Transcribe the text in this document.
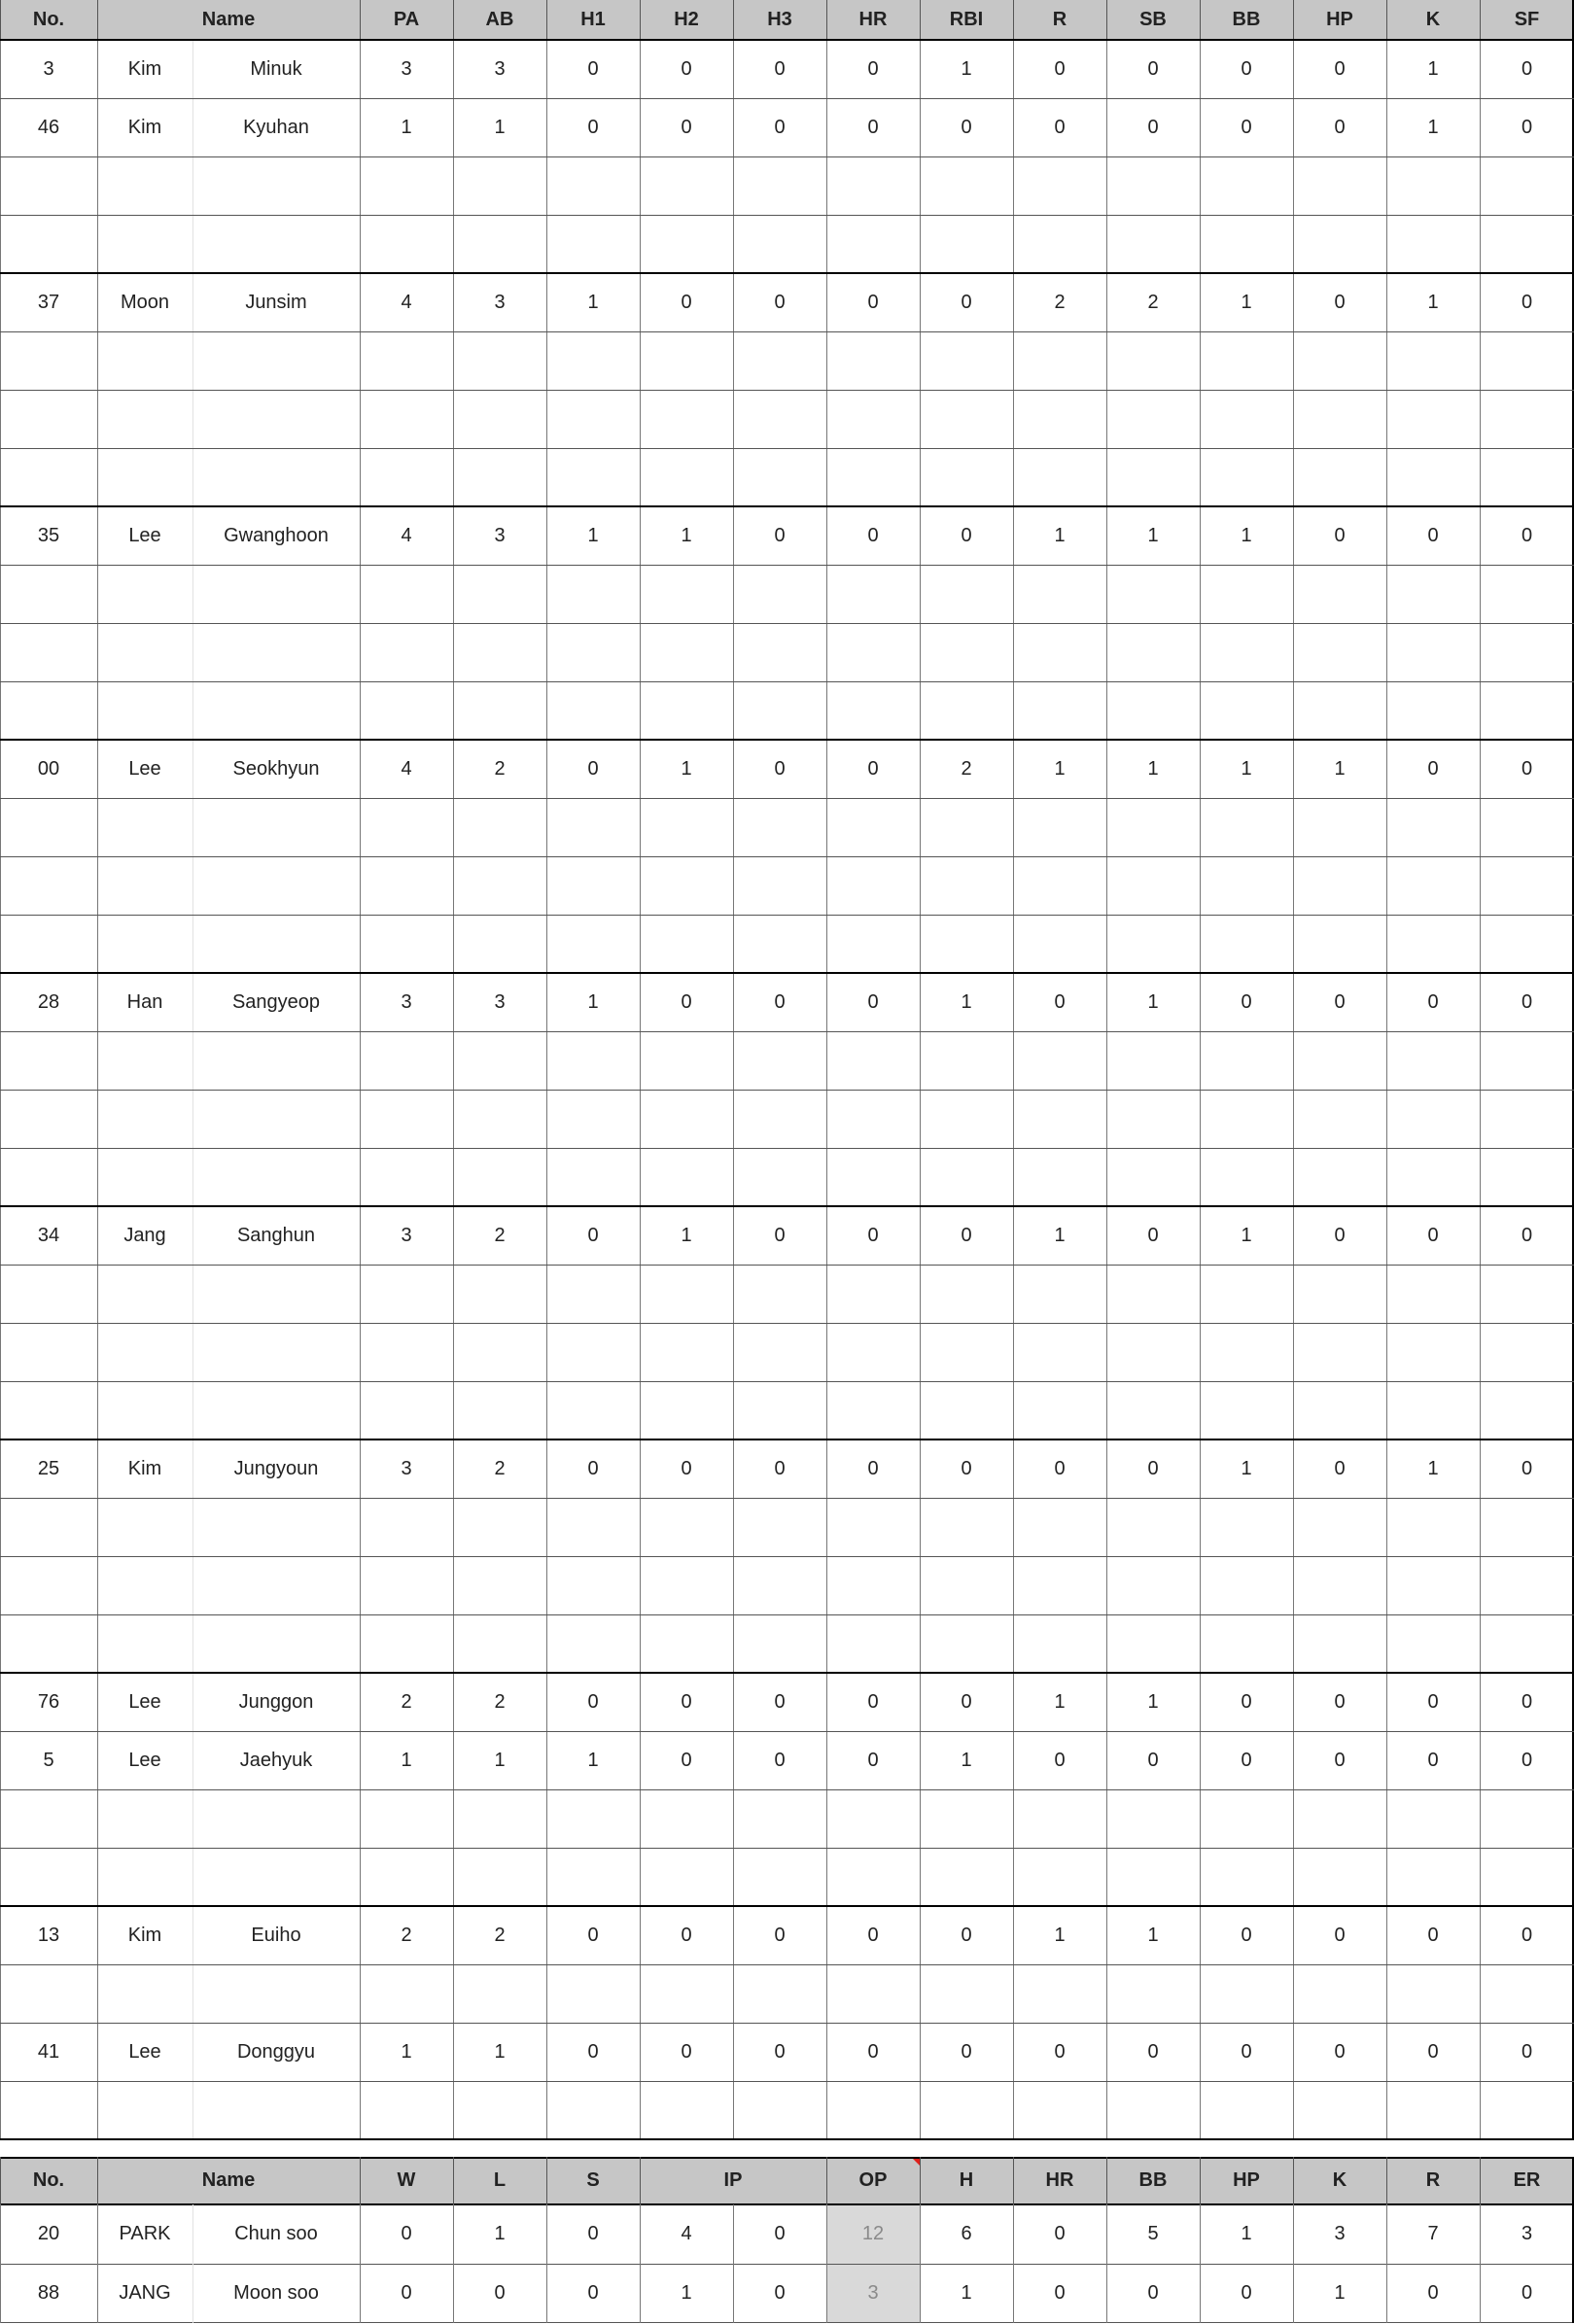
No.	Name	PA	AB	H1	H2	H3	HR	RBI	R	SB	BB	HP	K	SF
3	Kim	Minuk	3	3	0	0	0	0	1	0	0	0	0	1	0
46	Kim	Kyuhan	1	1	0	0	0	0	0	0	0	0	0	1	0
37	Moon	Junsim	4	3	1	0	0	0	0	2	2	1	0	1	0
35	Lee	Gwanghoon	4	3	1	1	0	0	0	1	1	1	0	0	0
00	Lee	Seokhyun	4	2	0	1	0	0	2	1	1	1	1	0	0
28	Han	Sangyeop	3	3	1	0	0	0	1	0	1	0	0	0	0
34	Jang	Sanghun	3	2	0	1	0	0	0	1	0	1	0	0	0
25	Kim	Jungyoun	3	2	0	0	0	0	0	0	0	1	0	1	0
76	Lee	Junggon	2	2	0	0	0	0	0	1	1	0	0	0	0
5	Lee	Jaehyuk	1	1	1	0	0	0	1	0	0	0	0	0	0
13	Kim	Euiho	2	2	0	0	0	0	0	1	1	0	0	0	0
41	Lee	Donggyu	1	1	0	0	0	0	0	0	0	0	0	0	0
No.	Name	W	L	S	IP	OP	H	HR	BB	HP	K	R	ER
20	PARK	Chun soo	0	1	0	4	0	12	6	0	5	1	3	7	3
88	JANG	Moon soo	0	0	0	1	0	3	1	0	0	0	1	0	0
